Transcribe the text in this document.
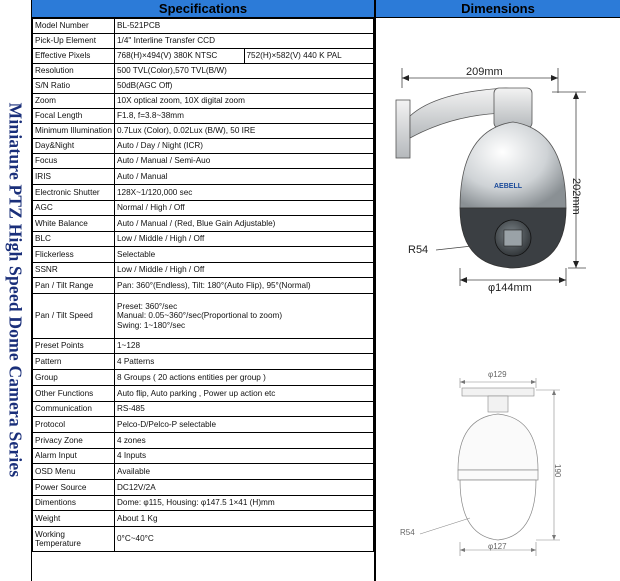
Miniature PTZ High Speed Dome Camera Series
Specifications	Dimensions
Model Number	BL-521PCB	
Pick-Up Element	1/4" Interline Transfer CCD	
Effective Pixels	768(H)×494(V) 380K NTSC	752(H)×582(V) 440 K PAL
Resolution	500 TVL(Color),570 TVL(B/W)	
S/N Ratio	50dB(AGC Off)	
Zoom	10X optical zoom, 10X digital zoom	
Focal Length	F1.8, f=3.8~38mm	
Minimum Illumination	0.7Lux (Color), 0.02Lux (B/W), 50 IRE	
Day&Night	Auto / Day / Night (ICR)	
Focus	Auto / Manual / Semi-Auo	
IRIS	Auto / Manual	
Electronic Shutter	128X~1/120,000 sec	
AGC	Normal / High / Off	
White Balance	Auto / Manual / (Red, Blue Gain Adjustable)	
BLC	Low / Middle / High / Off	
Flickerless	Selectable	
SSNR	Low / Middle / High / Off	
Pan / Tilt Range	Pan: 360°(Endless), Tilt: 180°(Auto Flip), 95°(Normal)	
Pan / Tilt Speed	Preset: 360°/sec
Manual: 0.05~360°/sec(Proportional to zoom)
Swing: 1~180°/sec	

Preset Points	1~128	
Pattern	4 Patterns	
Group	8 Groups ( 20 actions entities per group )	
Other Functions	Auto flip, Auto parking , Power up action etc	
Communication	RS-485	
Protocol	Pelco-D/Pelco-P selectable	
Privacy Zone	4 zones	
Alarm Input	4 Inputs	
OSD Menu	Available	
Power Source	DC12V/2A	
Dimentions	Dome: φ115, Housing: φ147.5 1×41 (H)mm	
Weight	About 1 Kg	
Working Temperature	0°C~40°C	
209mm
202mm
R54
φ144mm
AEBELL
φ129
190
R54
φ127
